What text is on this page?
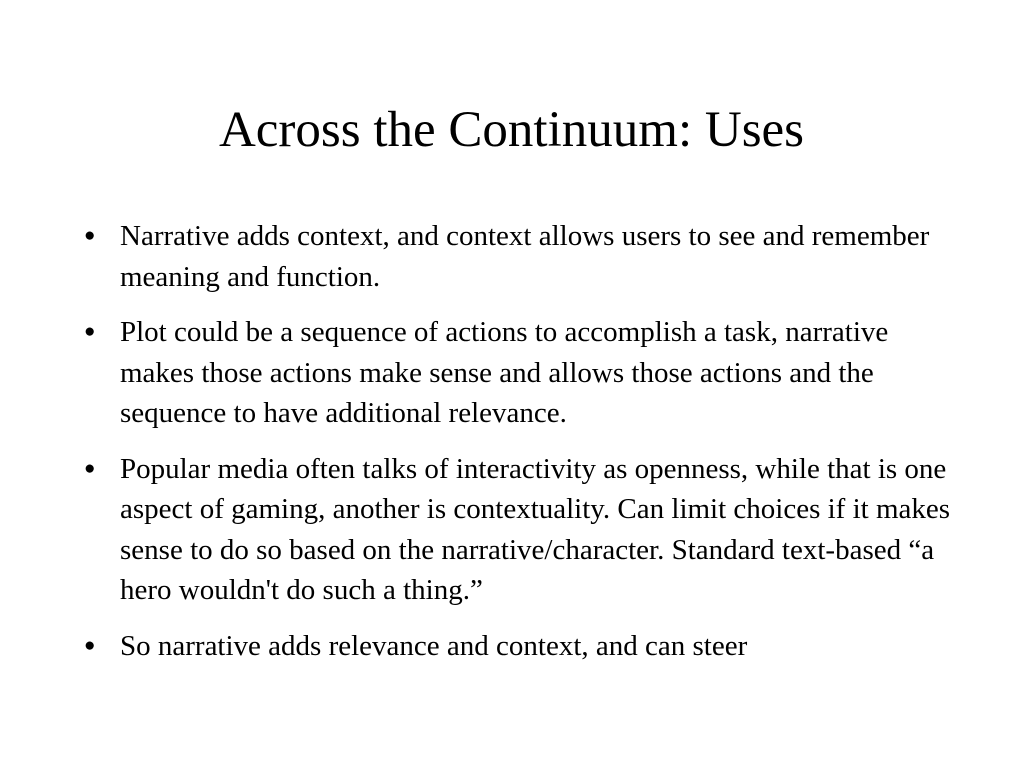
Across the Continuum: Uses
● Narrative adds context, and context allows users to see and remember meaning and function.
● Plot could be a sequence of actions to accomplish a task, narrative makes those actions make sense and allows those actions and the sequence to have additional relevance.
● Popular media often talks of interactivity as openness, while that is one aspect of gaming, another is contextuality. Can limit choices if it makes sense to do so based on the narrative/character. Standard text-based “a hero wouldn't do such a thing.”
● So narrative adds relevance and context, and can steer
